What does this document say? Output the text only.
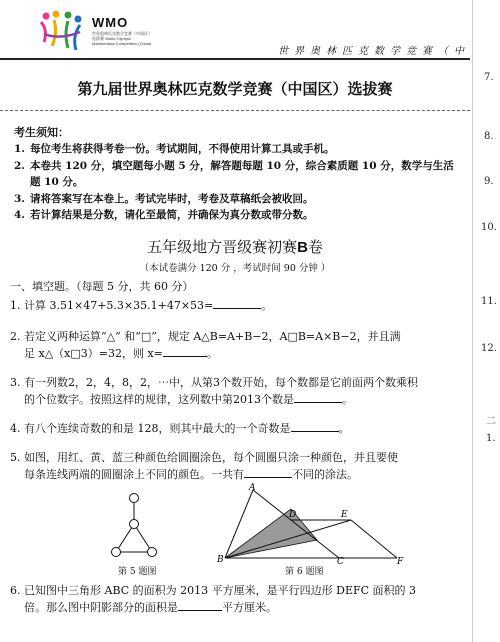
WMO
世界奥林匹克数学竞赛（中国区）选拔赛 World Olympic Mathematics Competition (China)
世界奥林匹克数学竞赛（中
第九届世界奥林匹克数学竞赛（中国区）选拔赛
考生须知：
1. 每位考生将获得考卷一份。考试期间，不得使用计算工具或手机。
2. 本卷共 120 分，填空题每小题 5 分，解答题每题 10 分，综合素质题 10 分，数学与生活题 10 分。
3. 请将答案写在本卷上。考试完毕时，考卷及草稿纸会被收回。
4. 若计算结果是分数，请化至最简，并确保为真分数或带分数。
五年级地方晋级赛初赛B卷
（本试卷满分 120 分 ，考试时间 90 分钟 ）
一、填空题。（每题 5 分，共 60 分）
1. 计算 3.51×47+5.3×35.1+47×53=	。
2. 若定义两种运算“△” 和“□”，规定 A△B=A+B−2，A□B=A×B−2，并且满
足 x△（x□3）=32，则 x=	。
3. 有一列数2，2，4，8，2，⋯中，从第3个数开始，每个数都是它前面两个数乘积
的个位数字。按照这样的规律，这列数中第2013个数是	。
4. 有八个连续奇数的和是 128，则其中最大的一个奇数是	。
5. 如图，用红、黄、蓝三种颜色给圆圈涂色，每个圆圈只涂一种颜色，并且要使
每条连线两端的圆圈涂上不同的颜色。一共有	不同的涂法。
第 5 题图
A
B	C
D	E
F
第 6 题图
6. 已知图中三角形 ABC 的面积为 2013 平方厘米，是平行四边形 DEFC 面积的 3
倍。那么图中阴影部分的面积是	平方厘米。
7.
8.
9.
10.
11.
12.
二
1.
